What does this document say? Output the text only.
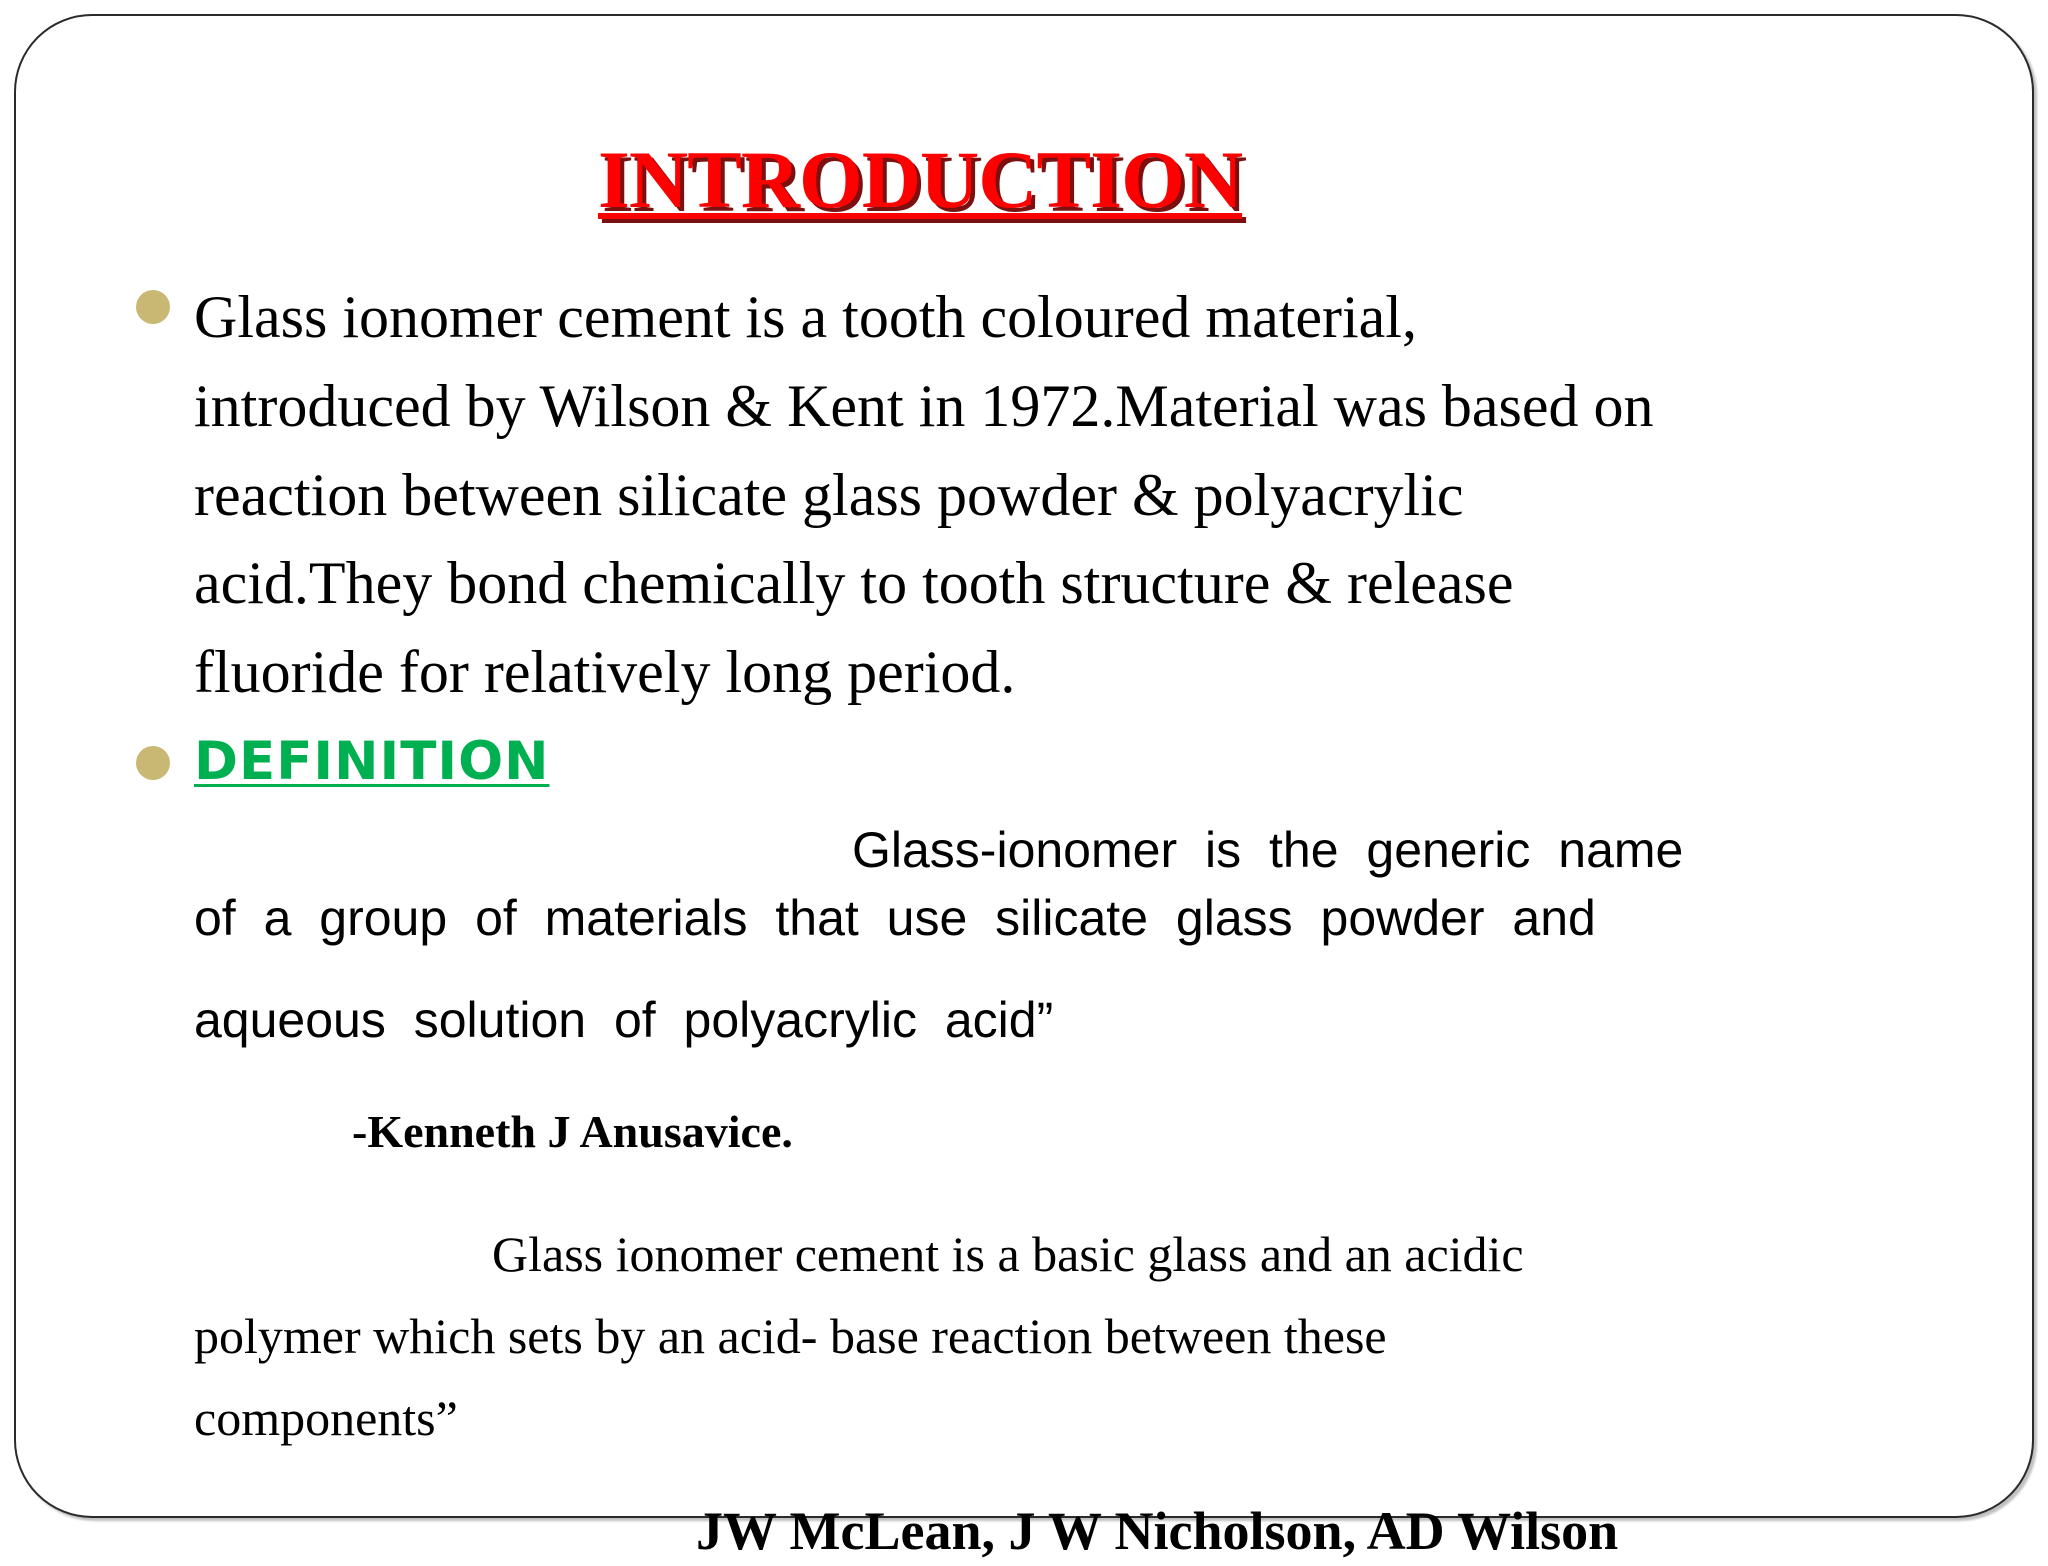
INTRODUCTION
Glass ionomer cement is a tooth coloured material,
introduced by Wilson & Kent in 1972.Material was based on
reaction between silicate glass powder & polyacrylic
acid.They bond chemically to tooth structure & release
fluoride for relatively long period.
DEFINITION
Glass-ionomer is the generic name
of a group of materials that use silicate glass powder and
aqueous solution of polyacrylic acid”
-Kenneth J Anusavice.
Glass ionomer cement is a basic glass and an acidic
polymer which sets by an acid- base reaction between these
components”
JW McLean, J W Nicholson, AD Wilson
